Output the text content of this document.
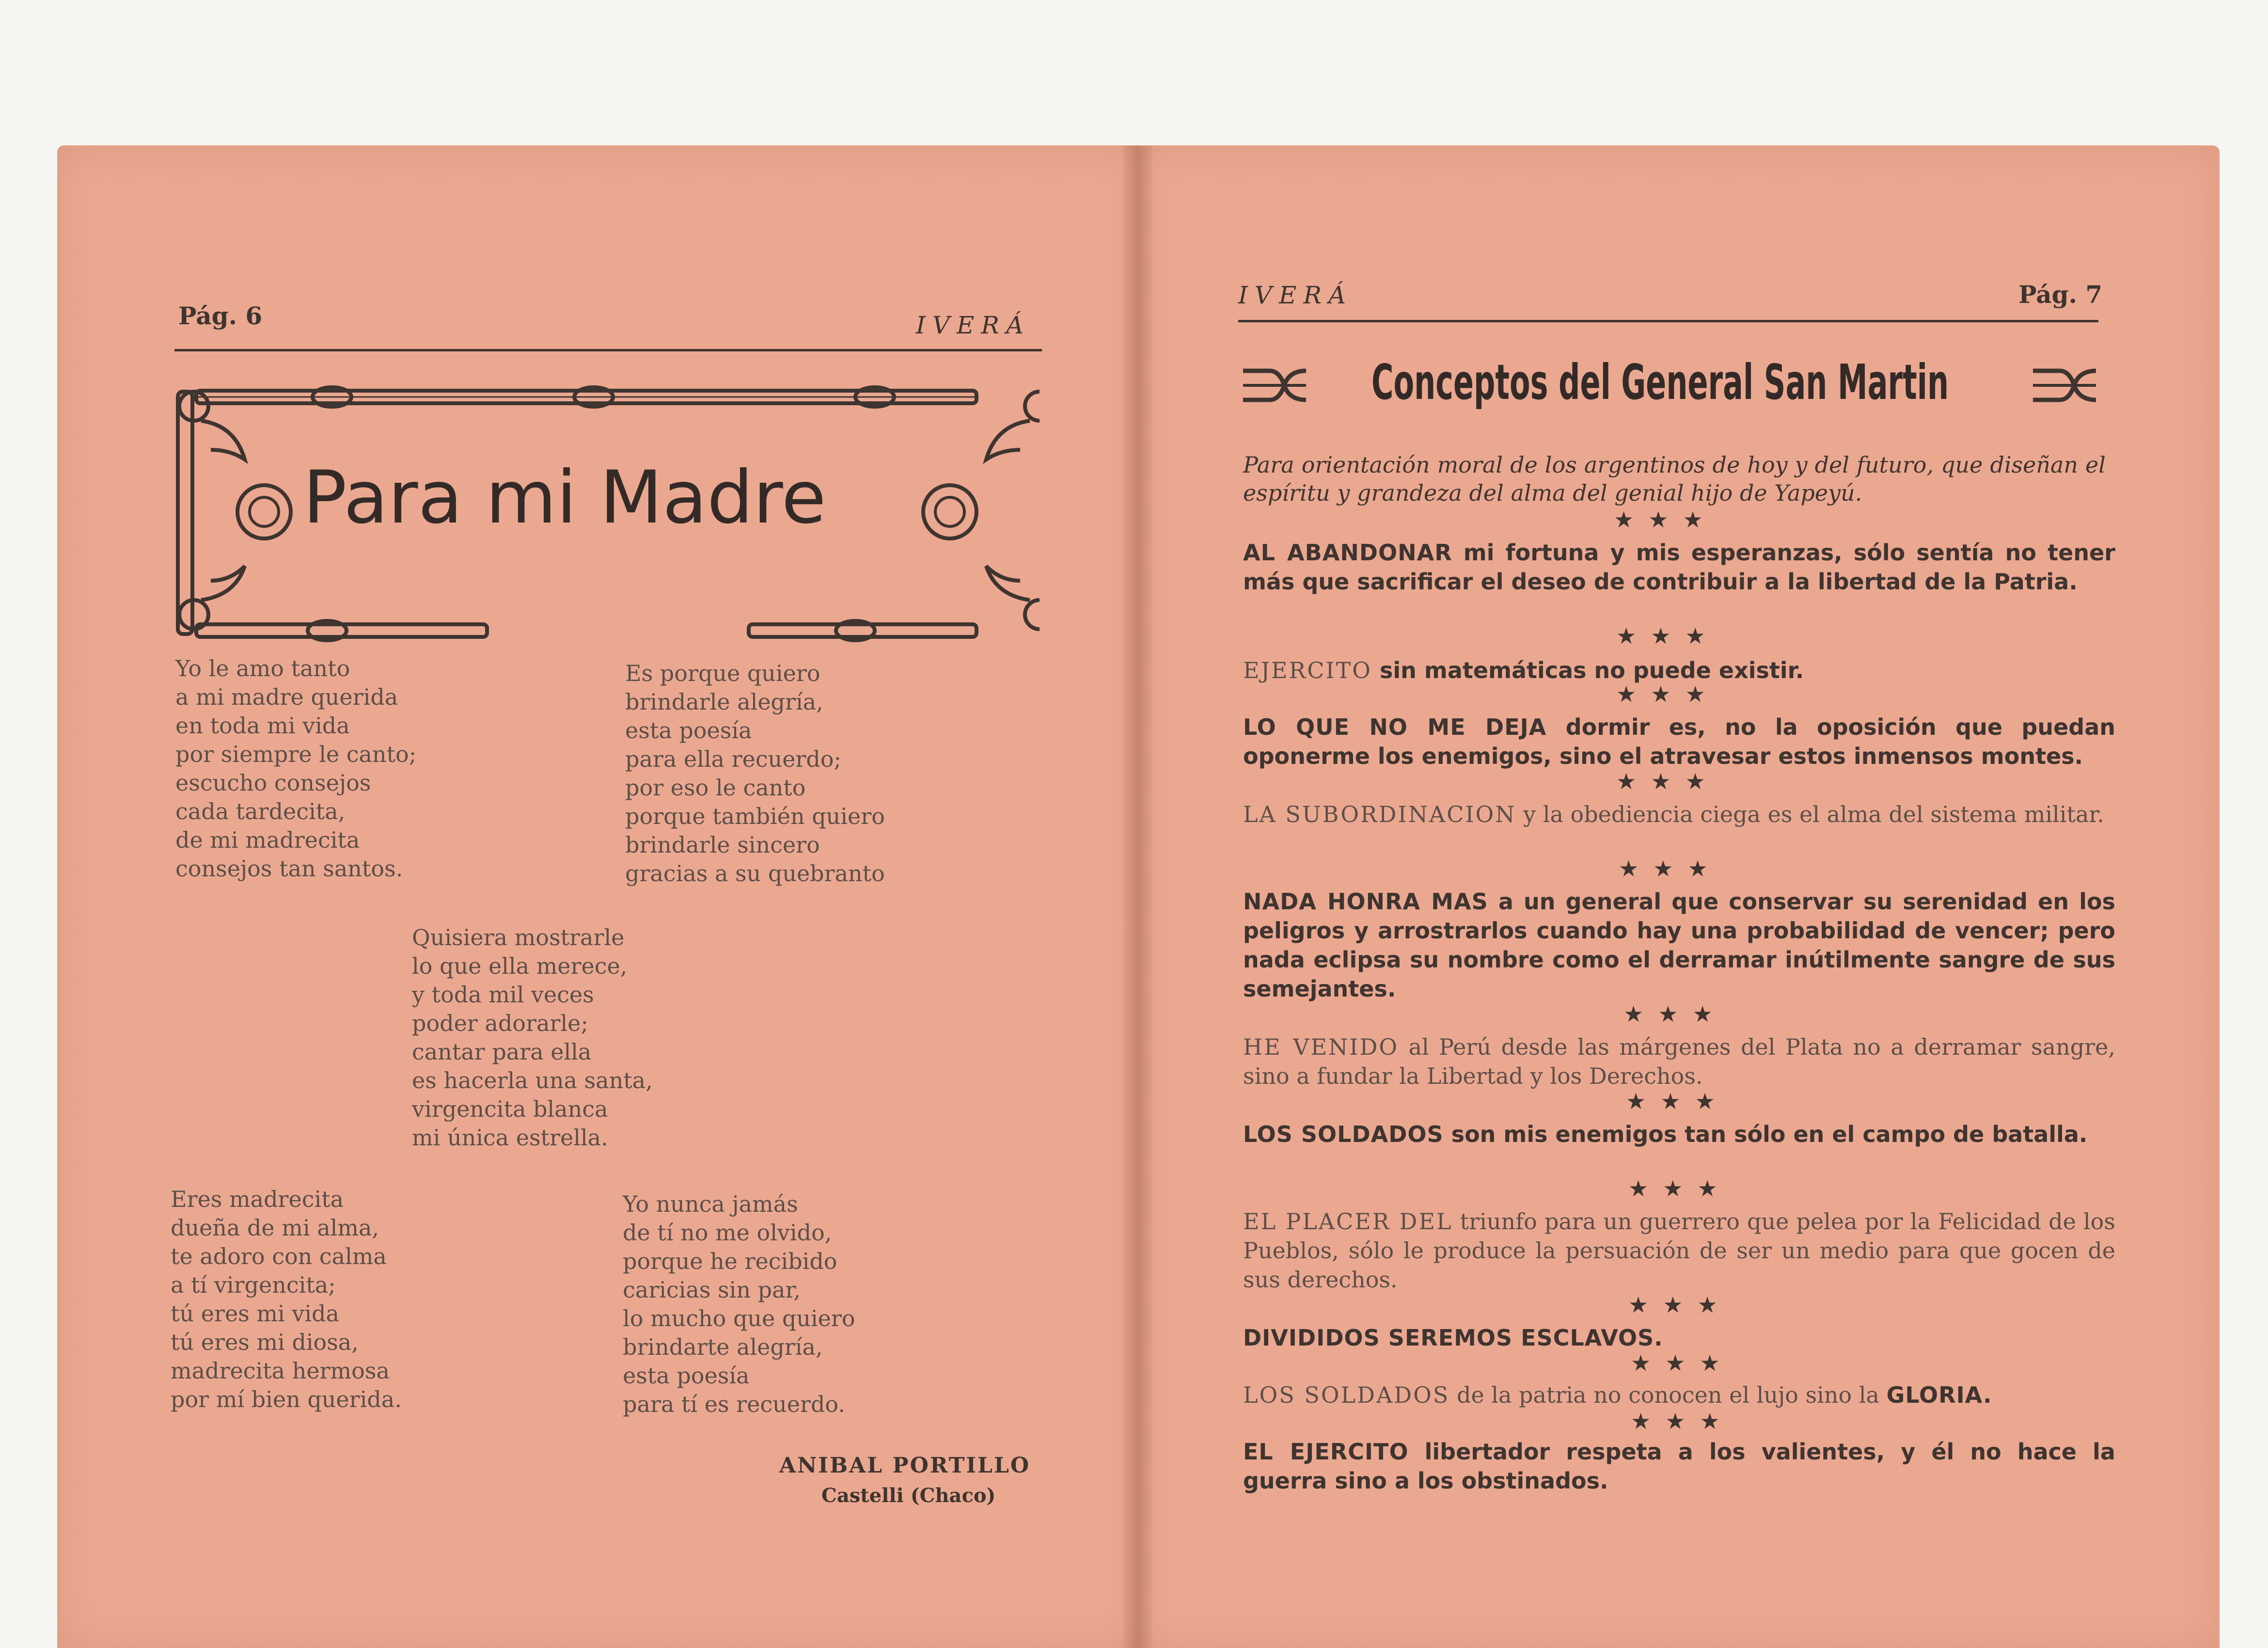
Pág. 6	IVERÁ
Para mi Madre
Yo le amo tanto
a mi madre querida
en toda mi vida
por siempre le canto;
escucho consejos
cada tardecita,
de mi madrecita
consejos tan santos.
Es porque quiero
brindarle alegría,
esta poesía
para ella recuerdo;
por eso le canto
porque también quiero
brindarle sincero
gracias a su quebranto
Quisiera mostrarle
lo que ella merece,
y toda mil veces
poder adorarle;
cantar para ella
es hacerla una santa,
virgencita blanca
mi única estrella.
Eres madrecita
dueña de mi alma,
te adoro con calma
a tí virgencita;
tú eres mi vida
tú eres mi diosa,
madrecita hermosa
por mí bien querida.
Yo nunca jamás
de tí no me olvido,
porque he recibido
caricias sin par,
lo mucho que quiero
brindarte alegría,
esta poesía
para tí es recuerdo.
ANIBAL PORTILLO
Castelli (Chaco)
IVERÁ	Pág. 7
Conceptos del General San Martin
Para orientación moral de los argentinos de hoy y del futuro, que diseñan el espíritu y grandeza del alma del genial hijo de Yapeyú.
★★★
AL ABANDONAR mi fortuna y mis esperanzas, sólo sentía no tener más que sacrificar el deseo de contribuir a la libertad de la Patria.
★★★
EJERCITO sin matemáticas no puede existir.
★★★
LO QUE NO ME DEJA dormir es, no la oposición que puedan oponerme los enemigos, sino el atravesar estos inmensos montes.
★★★
LA SUBORDINACION y la obediencia ciega es el alma del sistema militar.
★★★
NADA HONRA MAS a un general que conservar su serenidad en los peligros y arrostrarlos cuando hay una probabilidad de vencer; pero nada eclipsa su nombre como el derramar inútilmente sangre de sus semejantes.
★★★
HE VENIDO al Perú desde las márgenes del Plata no a derramar sangre, sino a fundar la Libertad y los Derechos.
★★★
LOS SOLDADOS son mis enemigos tan sólo en el campo de batalla.
★★★
EL PLACER DEL triunfo para un guerrero que pelea por la Felicidad de los Pueblos, sólo le produce la persuación de ser un medio para que gocen de sus derechos.
★★★
DIVIDIDOS SEREMOS ESCLAVOS.
★★★
LOS SOLDADOS de la patria no conocen el lujo sino la GLORIA.
★★★
EL EJERCITO libertador respeta a los valientes, y él no hace la guerra sino a los obstinados.
